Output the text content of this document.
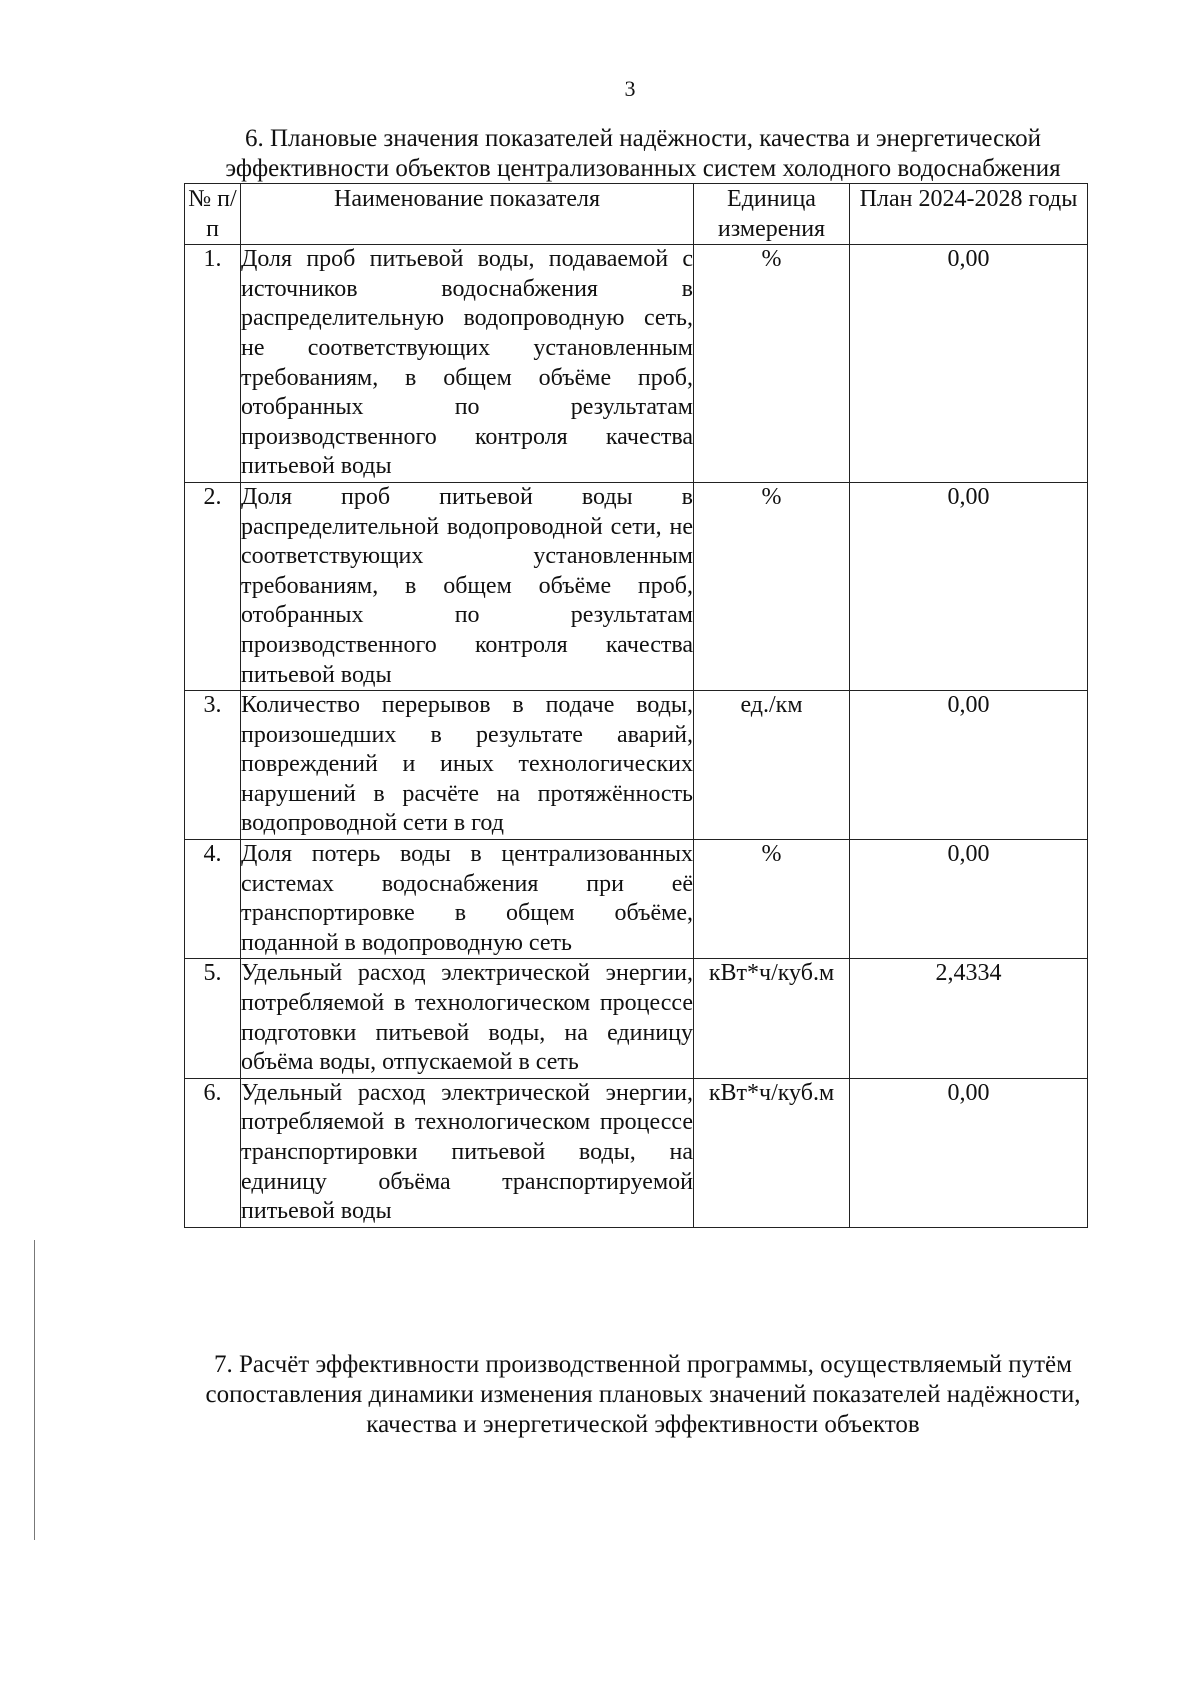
3
6. Плановые значения показателей надёжности, качества и энергетической эффективности объектов централизованных систем холодного водоснабжения
№ п/п	Наименование показателя	Единица измерения	План 2024-2028 годы
1.	Доля проб питьевой воды, подаваемой с источников водоснабжения в распределительную водопроводную сеть, не соответствующих установленным требованиям, в общем объёме проб, отобранных по результатам производственного контроля качества питьевой воды	%	0,00
2.	Доля проб питьевой воды в распределительной водопроводной сети, не соответствующих установленным требованиям, в общем объёме проб, отобранных по результатам производственного контроля качества питьевой воды	%	0,00
3.	Количество перерывов в подаче воды, произошедших в результате аварий, повреждений и иных технологических нарушений в расчёте на протяжённость водопроводной сети в год	ед./км	0,00
4.	Доля потерь воды в централизованных системах водоснабжения при её транспортировке в общем объёме, поданной в водопроводную сеть	%	0,00
5.	Удельный расход электрической энергии, потребляемой в технологическом процессе подготовки питьевой воды, на единицу объёма воды, отпускаемой в сеть	кВт*ч/куб.м	2,4334
6.	Удельный расход электрической энергии, потребляемой в технологическом процессе транспортировки питьевой воды, на единицу объёма транспортируемой питьевой воды	кВт*ч/куб.м	0,00
7. Расчёт эффективности производственной программы, осуществляемый путём сопоставления динамики изменения плановых значений показателей надёжности, качества и энергетической эффективности объектов
